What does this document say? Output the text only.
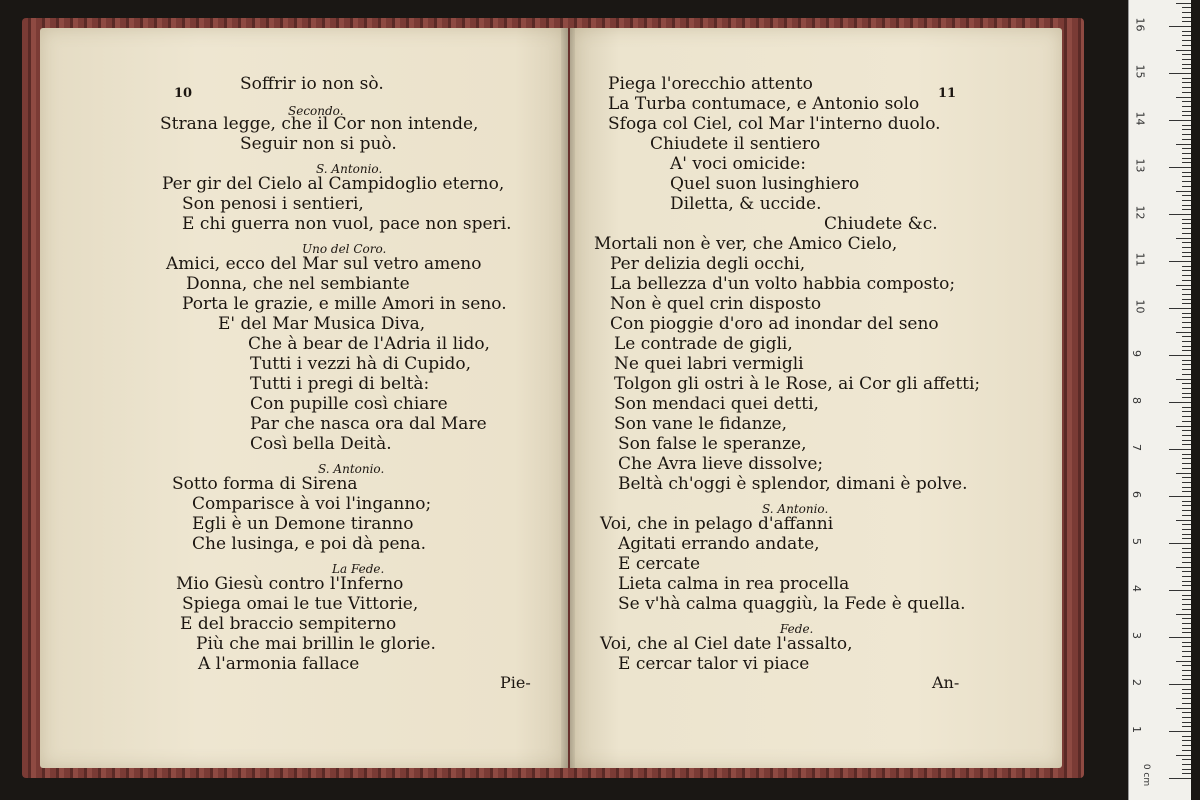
10	Soffrir io non sò.
Secondo.
Strana legge, che il Cor non intende,
Seguir non si può.
S. Antonio.
Per gir del Cielo al Campidoglio eterno,
Son penosi i sentieri,
E chi guerra non vuol, pace non speri.
Uno del Coro.
Amici, ecco del Mar sul vetro ameno
Donna, che nel sembiante
Porta le grazie, e mille Amori in seno.
E' del Mar Musica Diva,
Che à bear de l'Adria il lido,
Tutti i vezzi hà di Cupido,
Tutti i pregi di beltà:
Con pupille così chiare
Par che nasca ora dal Mare
Così bella Deità.
S. Antonio.
Sotto forma di Sirena
Comparisce à voi l'inganno;
Egli è un Demone tiranno
Che lusinga, e poi dà pena.
La Fede.
Mio Giesù contro l'Inferno
Spiega omai le tue Vittorie,
E del braccio sempiterno
Più che mai brillin le glorie.
A l'armonia fallace
Pie-
11
Piega l'orecchio attento
La Turba contumace, e Antonio solo
Sfoga col Ciel, col Mar l'interno duolo.
Chiudete il sentiero
A' voci omicide:
Quel suon lusinghiero
Diletta, & uccide.
Chiudete &c.
Mortali non è ver, che Amico Cielo,
Per delizia degli occhi,
La bellezza d'un volto habbia composto;
Non è quel crin disposto
Con pioggie d'oro ad inondar del seno
Le contrade de gigli,
Ne quei labri vermigli
Tolgon gli ostri à le Rose, ai Cor gli affetti;
Son mendaci quei detti,
Son vane le fidanze,
Son false le speranze,
Che Avra lieve dissolve;
Beltà ch'oggi è splendor, dimani è polve.
S. Antonio.
Voi, che in pelago d'affanni
Agitati errando andate,
E cercate
Lieta calma in rea procella
Se v'hà calma quaggiù, la Fede è quella.
Fede.
Voi, che al Ciel date l'assalto,
E cercar talor vi piace
An-
0 cm
1
2
3
4
5
6
7
8
9
10
11
12
13
14
15
16
